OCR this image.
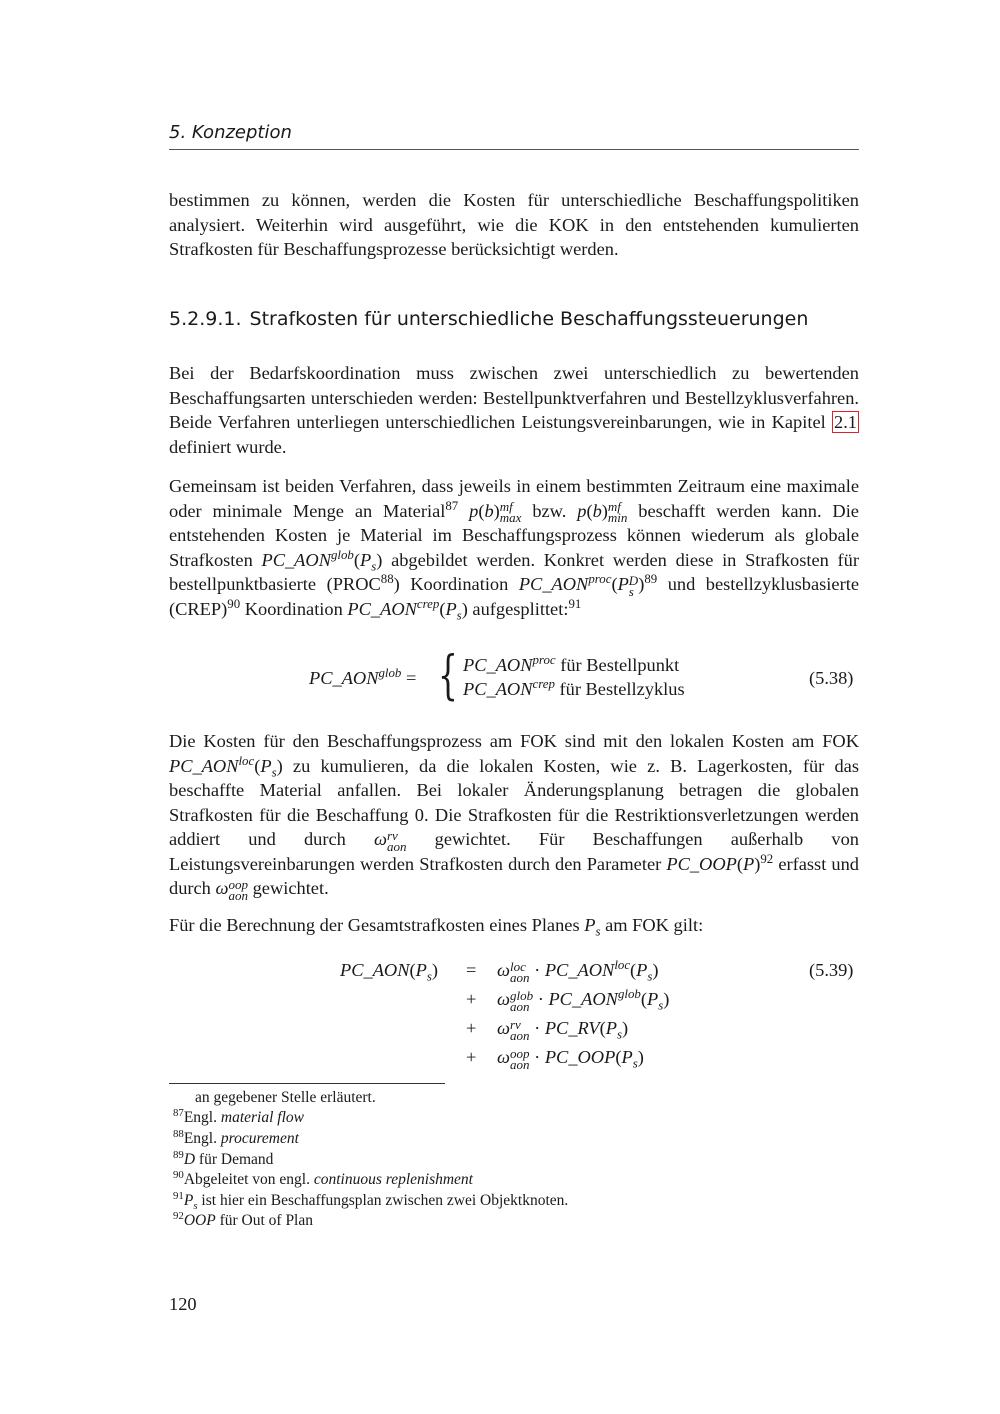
5. Konzeption
bestimmen zu können, werden die Kosten für unterschiedliche Beschaffungspolitiken analysiert. Weiterhin wird ausgeführt, wie die KOK in den entstehenden kumulierten Strafkosten für Beschaffungsprozesse berücksichtigt werden.
5.2.9.1. Strafkosten für unterschiedliche Beschaffungssteuerungen
Bei der Bedarfskoordination muss zwischen zwei unterschiedlich zu bewertenden Beschaffungsarten unterschieden werden: Bestellpunktverfahren und Bestellzyklusverfahren. Beide Verfahren unterliegen unterschiedlichen Leistungsvereinbarungen, wie in Kapitel 2.1 definiert wurde.
Gemeinsam ist beiden Verfahren, dass jeweils in einem bestimmten Zeitraum eine maximale oder minimale Menge an Material$^{87}$ p(b)mf
max bzw. p(b)mf
min beschafft werden kann. Die entstehenden Kosten je Material im Beschaffungsprozess können wiederum als globale Strafkosten $PC\_AON^{glob}(P_s)$ abgebildet werden. Konkret werden diese in Strafkosten für bestellpunktbasierte (PROC$^{88}$) Koordination $PC\_AON^{proc}(PD$
s )$^{89}$ und bestellzyklusbasierte (CREP)$^{90}$ Koordination $PC\_AON^{crep}(P_s)$ aufgesplittet:$^{91}$
$PC\_AON^{glob}$ = { $PC\_AON^{proc}$ für Bestellpunkt
$PC\_AON^{crep}$ für Bestellzyklus
(5.38)
Die Kosten für den Beschaffungsprozess am FOK sind mit den lokalen Kosten am FOK $PC\_AON^{loc}(P_s)$ zu kumulieren, da die lokalen Kosten, wie z. B. Lagerkosten, für das beschaffte Material anfallen. Bei lokaler Änderungsplanung betragen die globalen Strafkosten für die Beschaffung 0. Die Strafkosten für die Restriktionsverletzungen werden addiert und durch ωrv
aon gewichtet. Für Beschaffungen außerhalb von Leistungsvereinbarungen werden Strafkosten durch den Parameter $PC\_OOP(P)^{92}$ erfasst und durch ωoop
aon gewichtet.
Für die Berechnung der Gesamtstrafkosten eines Planes $P_s$ am FOK gilt:
$PC\_AON(P_s) = \omega loc$
aon · $PC\_AON^{loc}(P_s)$
+ ωglob
aon · $PC\_AON^{glob}(P_s)$
+ ωrv
aon · $PC\_RV(P_s)$
+ ωoop
aon · $PC\_OOP(P_s)$
(5.39)
an gegebener Stelle erläutert.
$^{87}$Engl. material flow
$^{88}$Engl. procurement
$^{89}$D für Demand
$^{90}$Abgeleitet von engl. continuous replenishment
$^{91}P_s$ ist hier ein Beschaffungsplan zwischen zwei Objektknoten.
$^{92}$OOP für Out of Plan
120
